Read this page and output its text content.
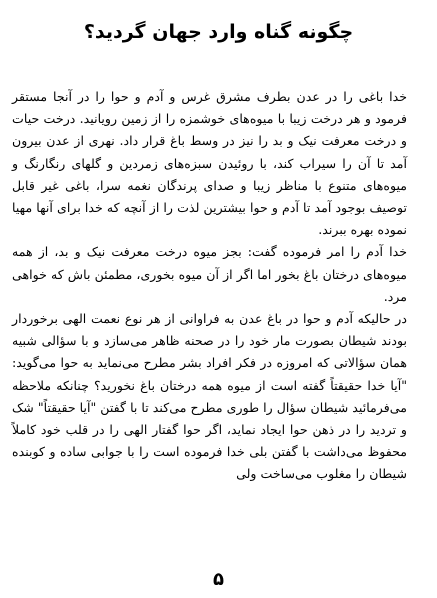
چگونه گناه وارد جهان گردید؟

خدا باغی را در عدن بطرف مشرق غرس و آدم و حوا را در آنجا مستقر فرمود و هر درخت زیبا با میوه‌های خوشمزه را از زمین رویانید. درخت حیات و درخت معرفت نیک و بد را نیز در وسط باغ قرار داد. نهری از عدن بیرون آمد تا آن را سیراب کند، با روئیدن سبزه‌های زمردین و گلهای رنگارنگ و میوه‌های متنوع با مناظر زیبا و صدای پرندگان نغمه سرا، باغی غیر قابل توصیف بوجود آمد تا آدم و حوا بیشترین لذت را از آنچه که خدا برای آنها مهیا نموده بهره ببرند.

خدا آدم را امر فرموده گفت: بجز میوه درخت معرفت نیک و بد، از همه میوه‌های درختان باغ بخور اما اگر از آن میوه بخوری، مطمئن باش که خواهی مرد.

در حالیکه آدم و حوا در باغ عدن به فراوانی از هر نوع نعمت الهی برخوردار بودند شیطان بصورت مار خود را در صحنه ظاهر می‌سازد و با سؤالی شبیه همان سؤالاتی که امروزه در فکر افراد بشر مطرح می‌نماید به حوا می‌گوید: "آیا خدا حقیقتاً گفته است از میوه همه درختان باغ نخورید؟ چنانکه ملاحظه می‌فرمائید شیطان سؤال را طوری مطرح می‌کند تا با گفتن "آیا حقیقتاً" شک و تردید را در ذهن حوا ایجاد نماید، اگر حوا گفتار الهی را در قلب خود کاملاً محفوظ می‌داشت با گفتن بلی خدا فرموده است را با جوابی ساده و کوبنده شیطان را مغلوب می‌ساخت ولی

۵
